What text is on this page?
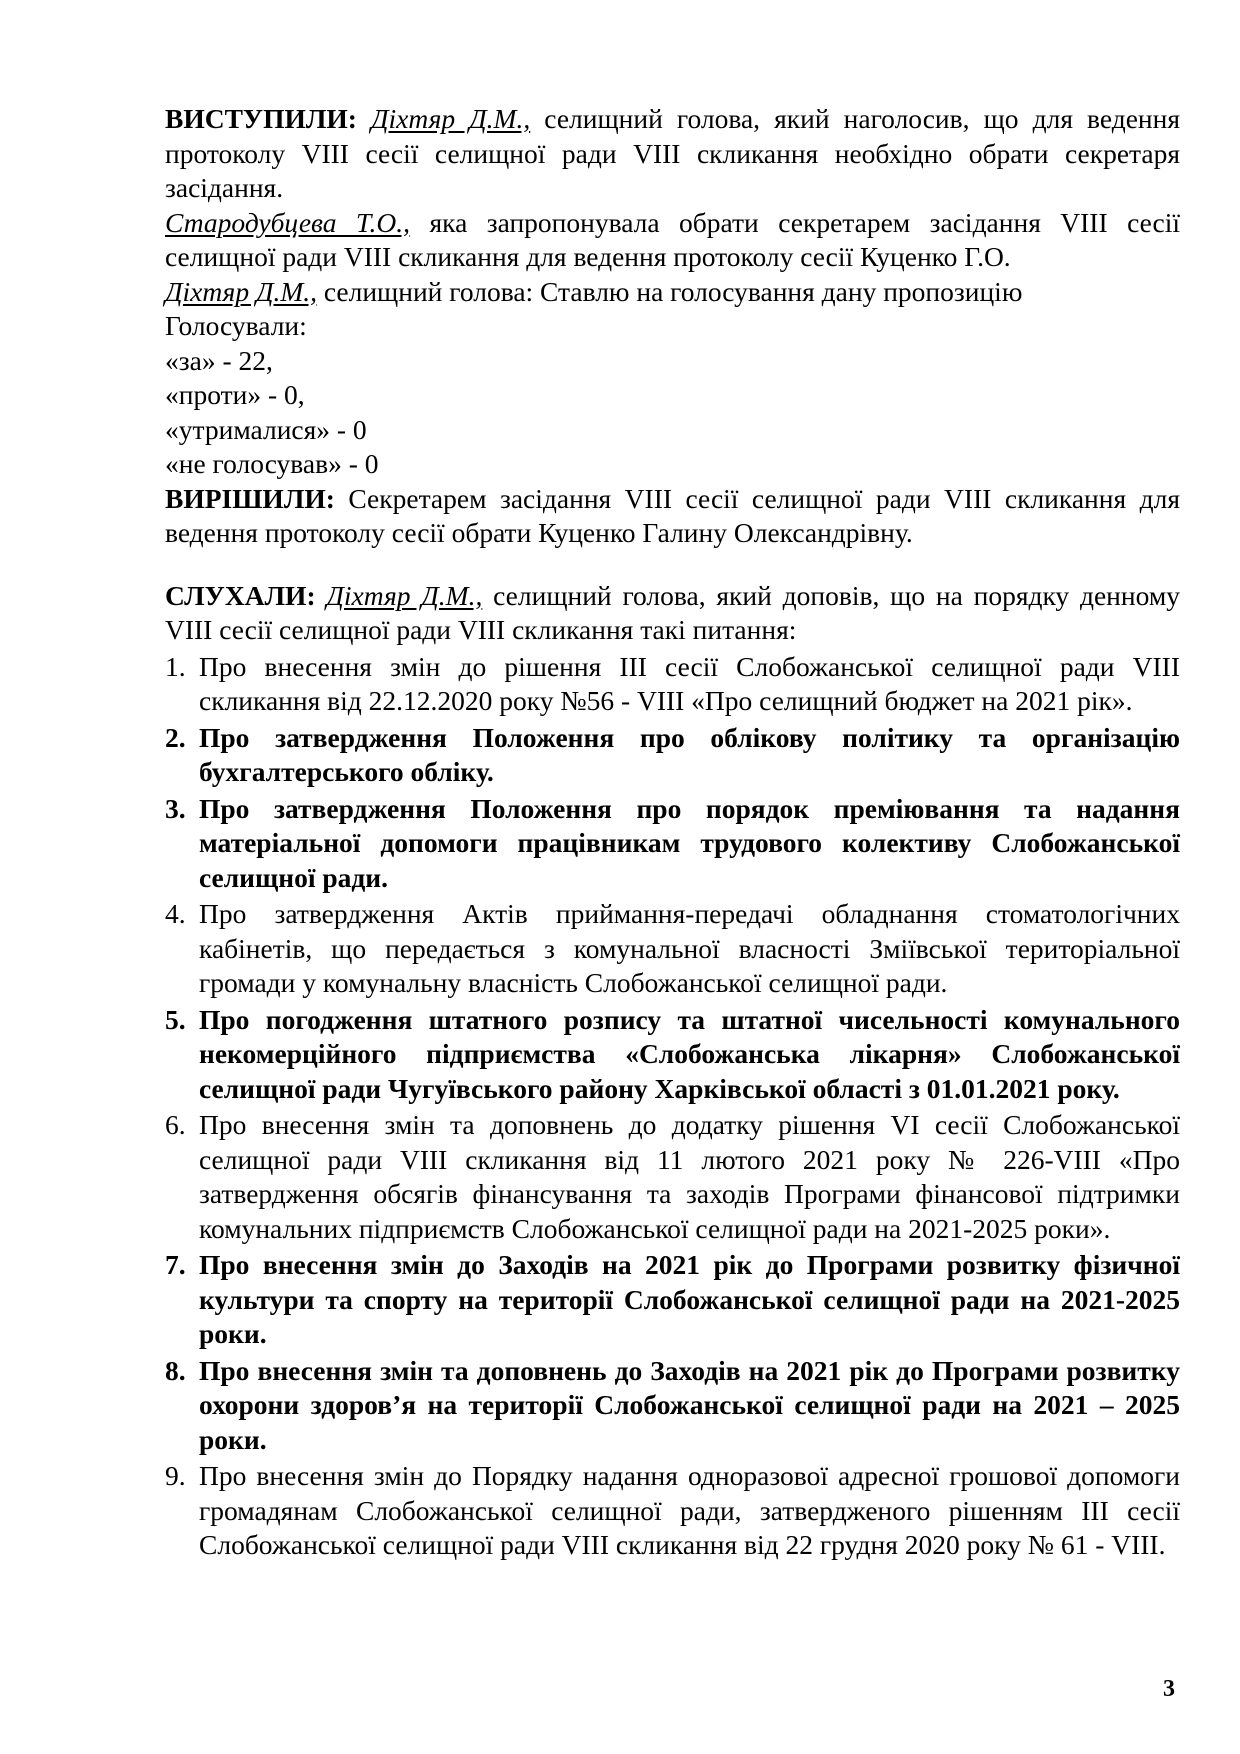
ВИСТУПИЛИ: Діхтяр Д.М., селищний голова, який наголосив, що для ведення протоколу VIII сесії селищної ради VIII скликання необхідно обрати секретаря засідання.

Стародубцева Т.О., яка запропонувала обрати секретарем засідання VIII сесії селищної ради VIII скликання для ведення протоколу сесії Куценко Г.О.

Діхтяр Д.М., селищний голова: Ставлю на голосування дану пропозицію

Голосували:

«за» - 22,

«проти» - 0,

«утрималися» - 0

«не голосував» - 0

ВИРІШИЛИ: Секретарем засідання VIII сесії селищної ради VIII скликання для ведення протоколу сесії обрати Куценко Галину Олександрівну.

СЛУХАЛИ: Діхтяр Д.М., селищний голова, який доповів, що на порядку денному VIII сесії селищної ради VIII скликання такі питання:

1. Про внесення змін до рішення ІІІ сесії Слобожанської селищної ради VIII скликання від 22.12.2020 року №56 - VIII «Про селищний бюджет на 2021 рік».
2. Про затвердження Положення про облікову політику та організацію бухгалтерського обліку.
3. Про затвердження Положення про порядок преміювання та надання матеріальної допомоги працівникам трудового колективу Слобожанської селищної ради.
4. Про затвердження Актів приймання-передачі обладнання стоматологічних кабінетів, що передається з комунальної власності Зміївської територіальної громади у комунальну власність Слобожанської селищної ради.
5. Про погодження штатного розпису та штатної чисельності комунального некомерційного підприємства «Слобожанська лікарня» Слобожанської селищної ради Чугуївського району Харківської області з 01.01.2021 року.
6. Про внесення змін та доповнень до додатку рішення VІ сесії Слобожанської селищної ради VIII скликання від 11 лютого 2021 року № 226-VIII «Про затвердження обсягів фінансування та заходів Програми фінансової підтримки комунальних підприємств Слобожанської селищної ради на 2021-2025 роки».
7. Про внесення змін до Заходів на 2021 рік до Програми розвитку фізичної культури та спорту на території Слобожанської селищної ради на 2021-2025 роки.
8. Про внесення змін та доповнень до Заходів на 2021 рік до Програми розвитку охорони здоров’я на території Слобожанської селищної ради на 2021 – 2025 роки.
9. Про внесення змін до Порядку надання одноразової адресної грошової допомоги громадянам Слобожанської селищної ради, затвердженого рішенням ІІІ сесії Слобожанської селищної ради VIII скликання від 22 грудня 2020 року № 61 - VIII.
3
